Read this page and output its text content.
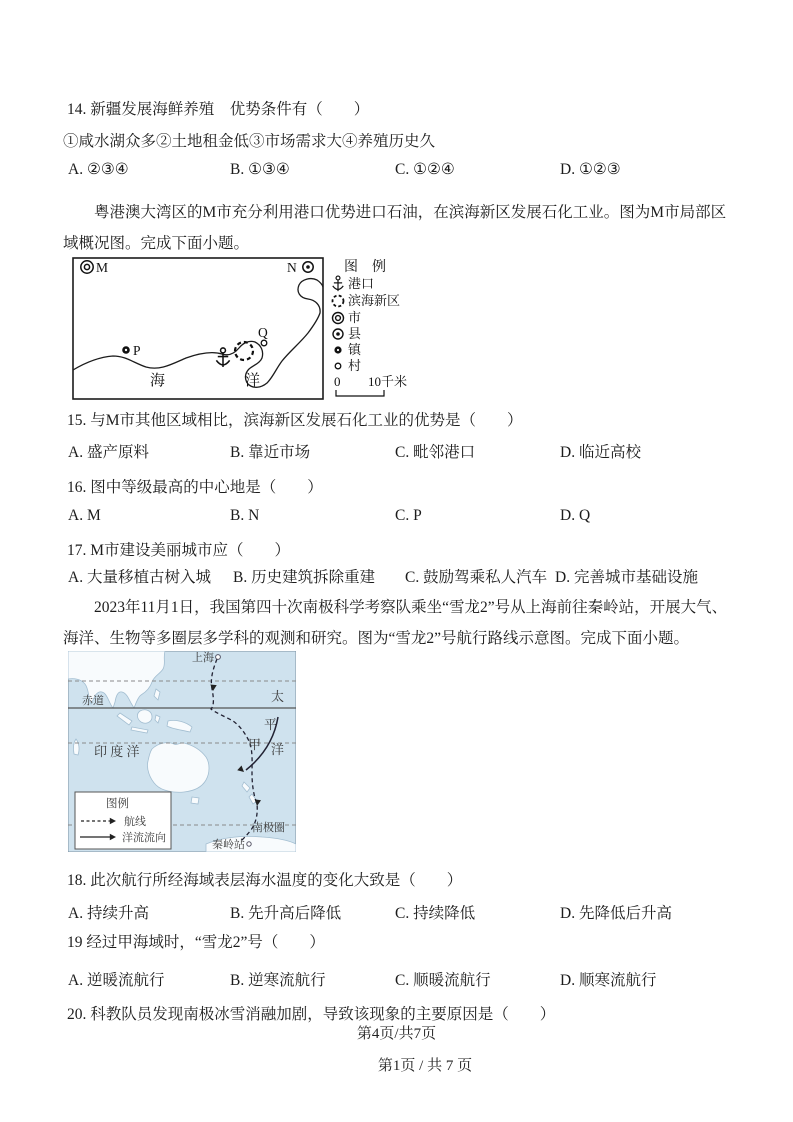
14. 新疆发展海鲜养殖　优势条件有（　　）
①咸水湖众多②土地租金低③市场需求大④养殖历史久
A. ②③④	B. ①③④	C. ①②④	D. ①②③
粤港澳大湾区的M市充分利用港口优势进口石油，在滨海新区发展石化工业。图为M市局部区域概况图。完成下面小题。
M	N
P
Q
海	洋
图　例
港口
滨海新区
市
县
镇
村
0 10千米
15. 与M市其他区域相比，滨海新区发展石化工业的优势是（　　）
A. 盛产原料	B. 靠近市场	C. 毗邻港口	D. 临近高校
16. 图中等级最高的中心地是（　　）
A. M	B. N	C. P	D. Q
17. M市建设美丽城市应（　　）
A. 大量移植古树入城	B. 历史建筑拆除重建	C. 鼓励驾乘私人汽车 D. 完善城市基础设施
2023年11月1日，我国第四十次南极科学考察队乘坐“雪龙2”号从上海前往秦岭站，开展大气、海洋、生物等多圈层多学科的观测和研究。图为“雪龙2”号航行路线示意图。完成下面小题。
上海
赤道	太
平
洋
甲
印 度 洋
南极圈
秦岭站
图例
航线
洋流流向
18. 此次航行所经海域表层海水温度的变化大致是（　　）
A. 持续升高	B. 先升高后降低	C. 持续降低	D. 先降低后升高
19 经过甲海域时，“雪龙2”号（　　）
A. 逆暖流航行	B. 逆寒流航行	C. 顺暖流航行	D. 顺寒流航行
20. 科教队员发现南极冰雪消融加剧，导致该现象的主要原因是（　　）
第4页/共7页
第1页 / 共 7 页
